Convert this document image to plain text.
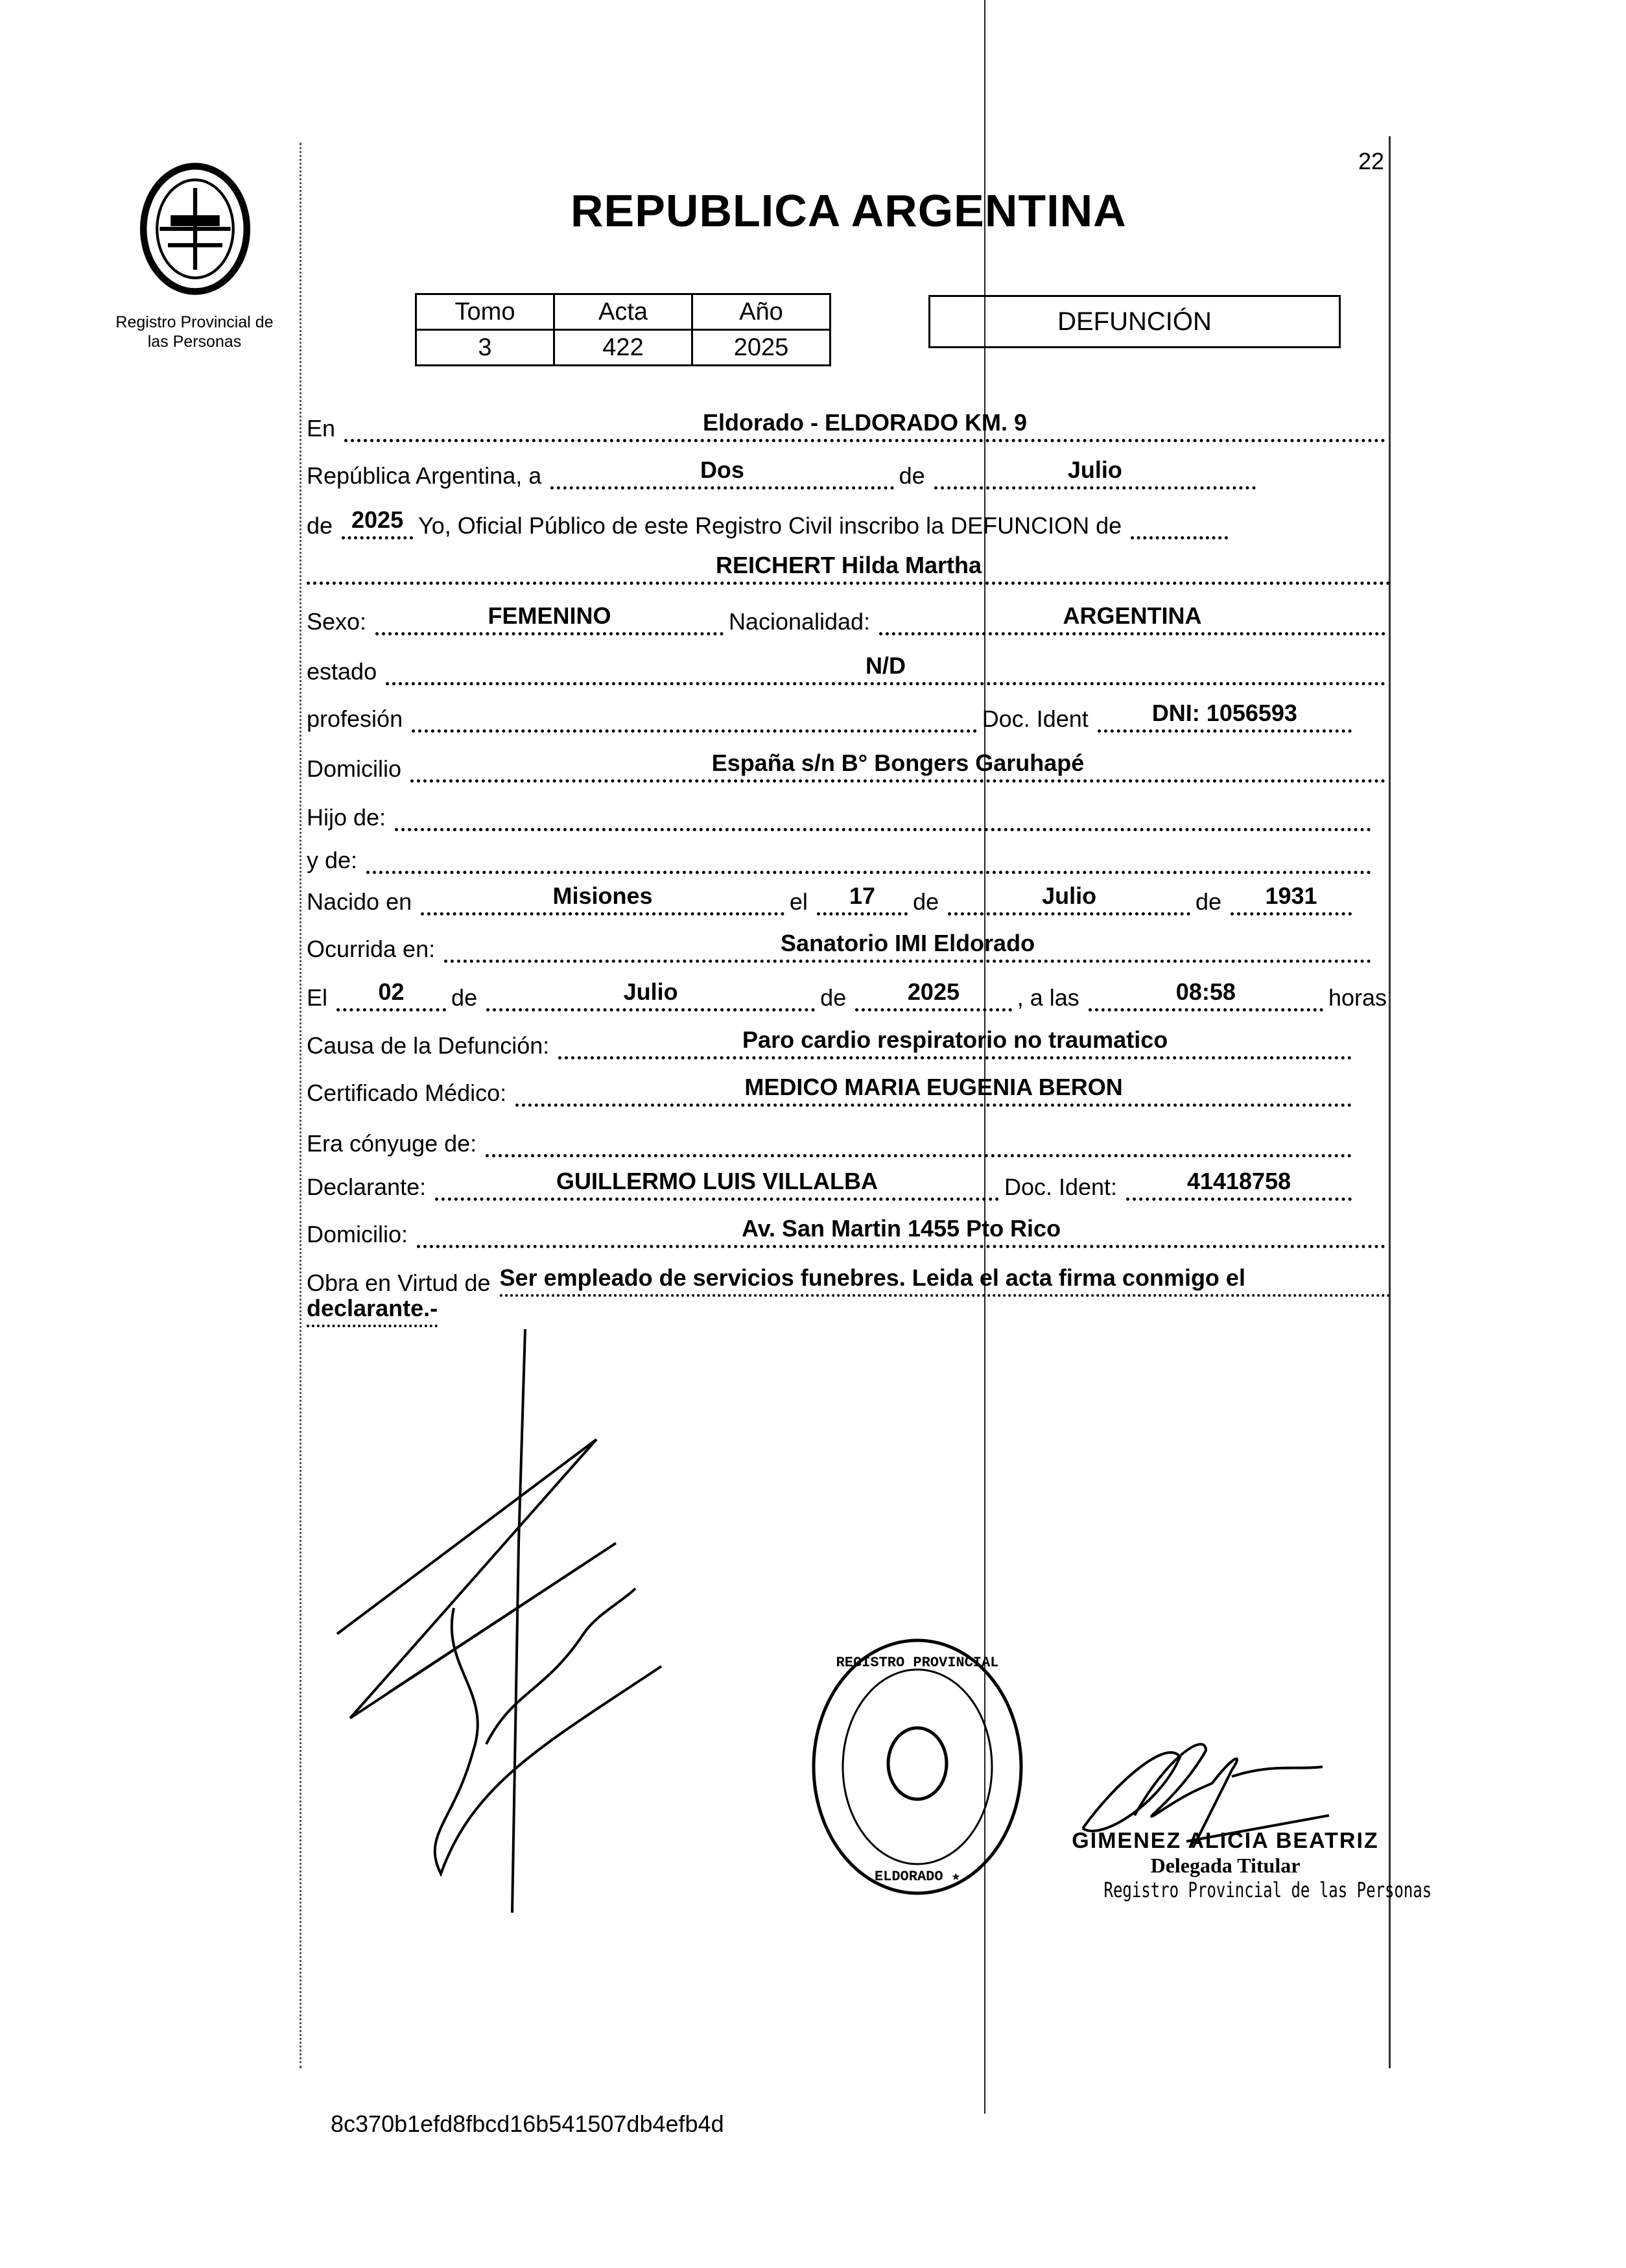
Registro Provincial de
las Personas
REPUBLICA ARGENTINA
22
Tomo	Acta	Año
3	422	2025
DEFUNCIÓN
En	Eldorado - ELDORADO KM. 9
República Argentina, a	Dos	de	Julio
de 2025 Yo, Oficial Público de este Registro Civil inscribo la DEFUNCION de
REICHERT Hilda Martha
Sexo:	FEMENINO	Nacionalidad:	ARGENTINA
estado	N/D
profesión	Doc. Ident	DNI: 1056593
Domicilio	España s/n B° Bongers Garuhapé
Hijo de:
y de:
Nacido en	Misiones	el	17	de	Julio	de	1931
Ocurrida en:	Sanatorio IMI Eldorado
El	02	de	Julio	de	2025	, a las	08:58	horas
Causa de la Defunción:	Paro cardio respiratorio no traumatico
Certificado Médico:	MEDICO MARIA EUGENIA BERON
Era cónyuge de:
Declarante:	GUILLERMO LUIS VILLALBA	Doc. Ident:	41418758
Domicilio:	Av. San Martin 1455 Pto Rico
Obra en Virtud de Ser empleado de servicios funebres. Leida el acta firma conmigo el
declarante.-
REGISTRO PROVINCIAL
ELDORADO ★
GIMENEZ ALICIA BEATRIZ
Delegada Titular
Registro Provincial de las Personas
8c370b1efd8fbcd16b541507db4efb4d
